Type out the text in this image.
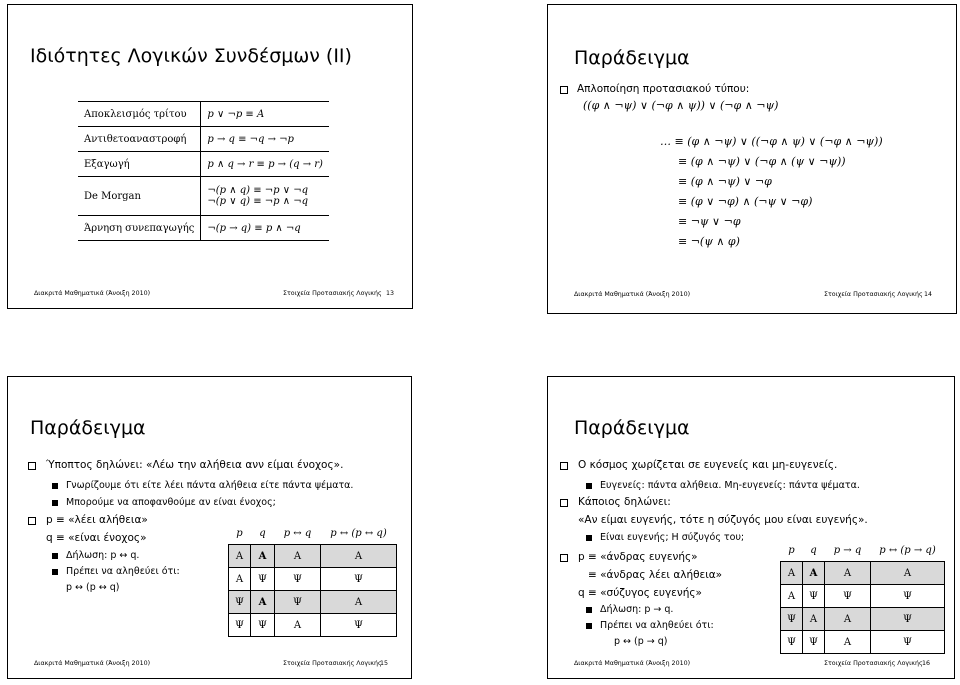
Ιδιότητες Λογικών Συνδέσμων (ΙΙ)
Αποκλεισμός τρίτου	p ∨ ¬p ≡ A
Αντιθετοαναστροφή	p → q ≡ ¬q → ¬p
Εξαγωγή	p ∧ q → r ≡ p → (q → r)
De Morgan	¬(p ∧ q) ≡ ¬p ∨ ¬q
¬(p ∨ q) ≡ ¬p ∧ ¬q

Άρνηση συνεπαγωγής	¬(p → q) ≡ p ∧ ¬q
Διακριτά Μαθηματικά (Άνοιξη 2010)	Στοιχεία Προτασιακής Λογικής 13
Παράδειγμα
Απλοποίηση προτασιακού τύπου:
((φ ∧ ¬ψ) ∨ (¬φ ∧ ψ)) ∨ (¬φ ∧ ¬ψ)
… ≡ (φ ∧ ¬ψ) ∨ ((¬φ ∧ ψ) ∨ (¬φ ∧ ¬ψ))
≡ (φ ∧ ¬ψ) ∨ (¬φ ∧ (ψ ∨ ¬ψ))
≡ (φ ∧ ¬ψ) ∨ ¬φ
≡ (φ ∨ ¬φ) ∧ (¬ψ ∨ ¬φ)
≡ ¬ψ ∨ ¬φ
≡ ¬(ψ ∧ φ)
Διακριτά Μαθηματικά (Άνοιξη 2010)	Στοιχεία Προτασιακής Λογικής 14
Παράδειγμα
Ύποπτος δηλώνει: «Λέω την αλήθεια ανν είμαι ένοχος».
Γνωρίζουμε ότι είτε λέει πάντα αλήθεια είτε πάντα ψέματα.
Μπορούμε να αποφανθούμε αν είναι ένοχος;
p ≡ «λέει αλήθεια»
q ≡ «είναι ένοχος»
Δήλωση: p ↔ q.
Πρέπει να αληθεύει ότι:
p ↔ (p ↔ q)
p	q	p ↔ q	p ↔ (p ↔ q)
A	A	A	A
A	Ψ	Ψ	Ψ
Ψ	A	Ψ	A
Ψ	Ψ	A	Ψ
Διακριτά Μαθηματικά (Άνοιξη 2010)	Στοιχεία Προτασιακής Λογικής
15
Παράδειγμα
Ο κόσμος χωρίζεται σε ευγενείς και μη-ευγενείς.
Ευγενείς: πάντα αλήθεια. Μη-ευγενείς: πάντα ψέματα.
Κάποιος δηλώνει:
«Αν είμαι ευγενής, τότε η σύζυγός μου είναι ευγενής».
Είναι ευγενής; Η σύζυγός του;
p ≡ «άνδρας ευγενής»
≡ «άνδρας λέει αλήθεια»
q ≡ «σύζυγος ευγενής»
Δήλωση: p → q.
Πρέπει να αληθεύει ότι:
p ↔ (p → q)
p	q	p → q	p ↔ (p → q)
A	A	A	A
A	Ψ	Ψ	Ψ
Ψ	A	A	Ψ
Ψ	Ψ	A	Ψ
Διακριτά Μαθηματικά (Άνοιξη 2010)	Στοιχεία Προτασιακής Λογικής 16
